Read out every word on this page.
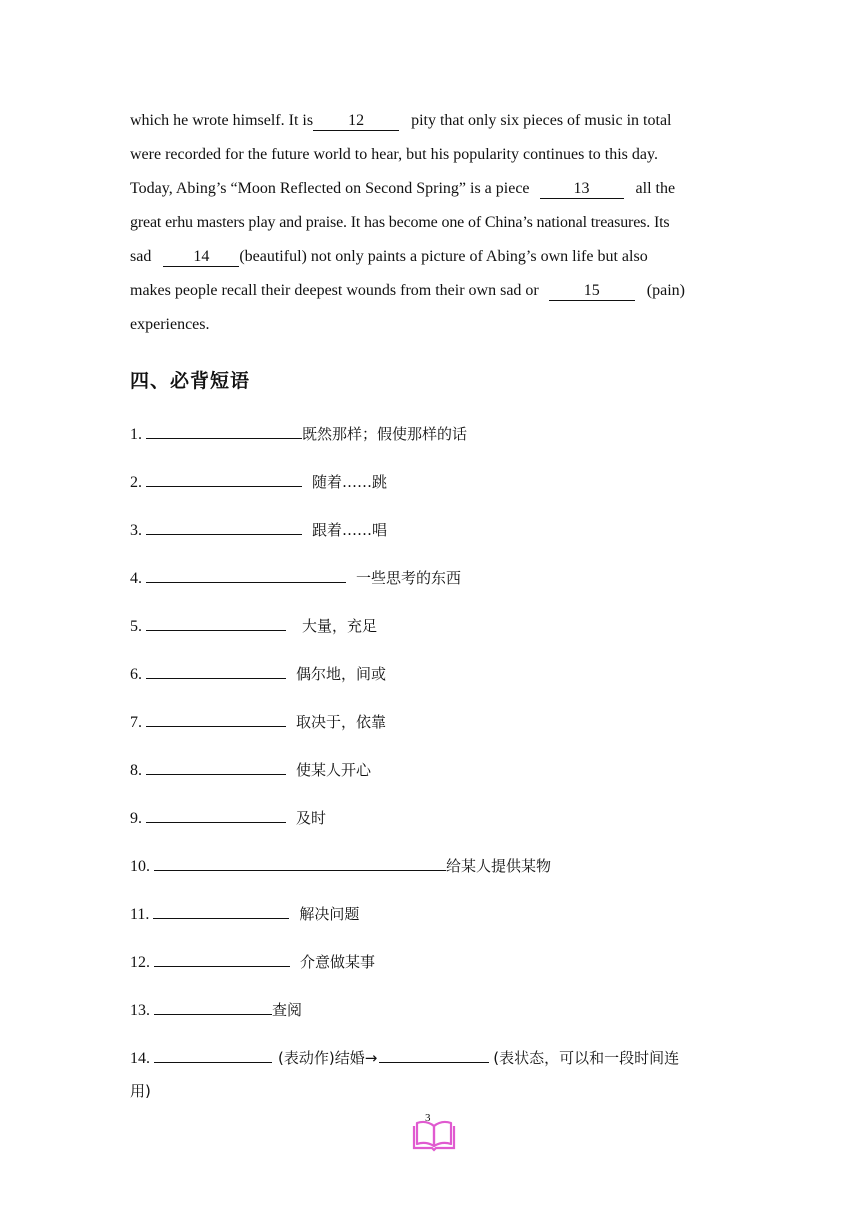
which he wrote himself. It is 12	pity that only six pieces of music in total

were recorded for the future world to hear, but his popularity continues to this day.

Today, Abing’s “Moon Reflected on Second Spring” is a piece	13	all the

great erhu masters play and praise. It has become one of China’s national treasures. Its

sad	14 (beautiful) not only paints a picture of Abing’s own life but also

makes people recall their deepest wounds from their own sad or	15	(pain)

experiences.

四、必背短语
1.	既然那样；假使那样的话
2.	随着……跳
3.	跟着……唱
4.	一些思考的东西
5.	大量，充足
6.	偶尔地，间或
7.	取决于，依靠
8.	使某人开心
9.	及时
10.	给某人提供某物
11.	解决问题
12.	介意做某事
13.	查阅
14.	(表动作)结婚→	(表状态，可以和一段时间连
用)
3
